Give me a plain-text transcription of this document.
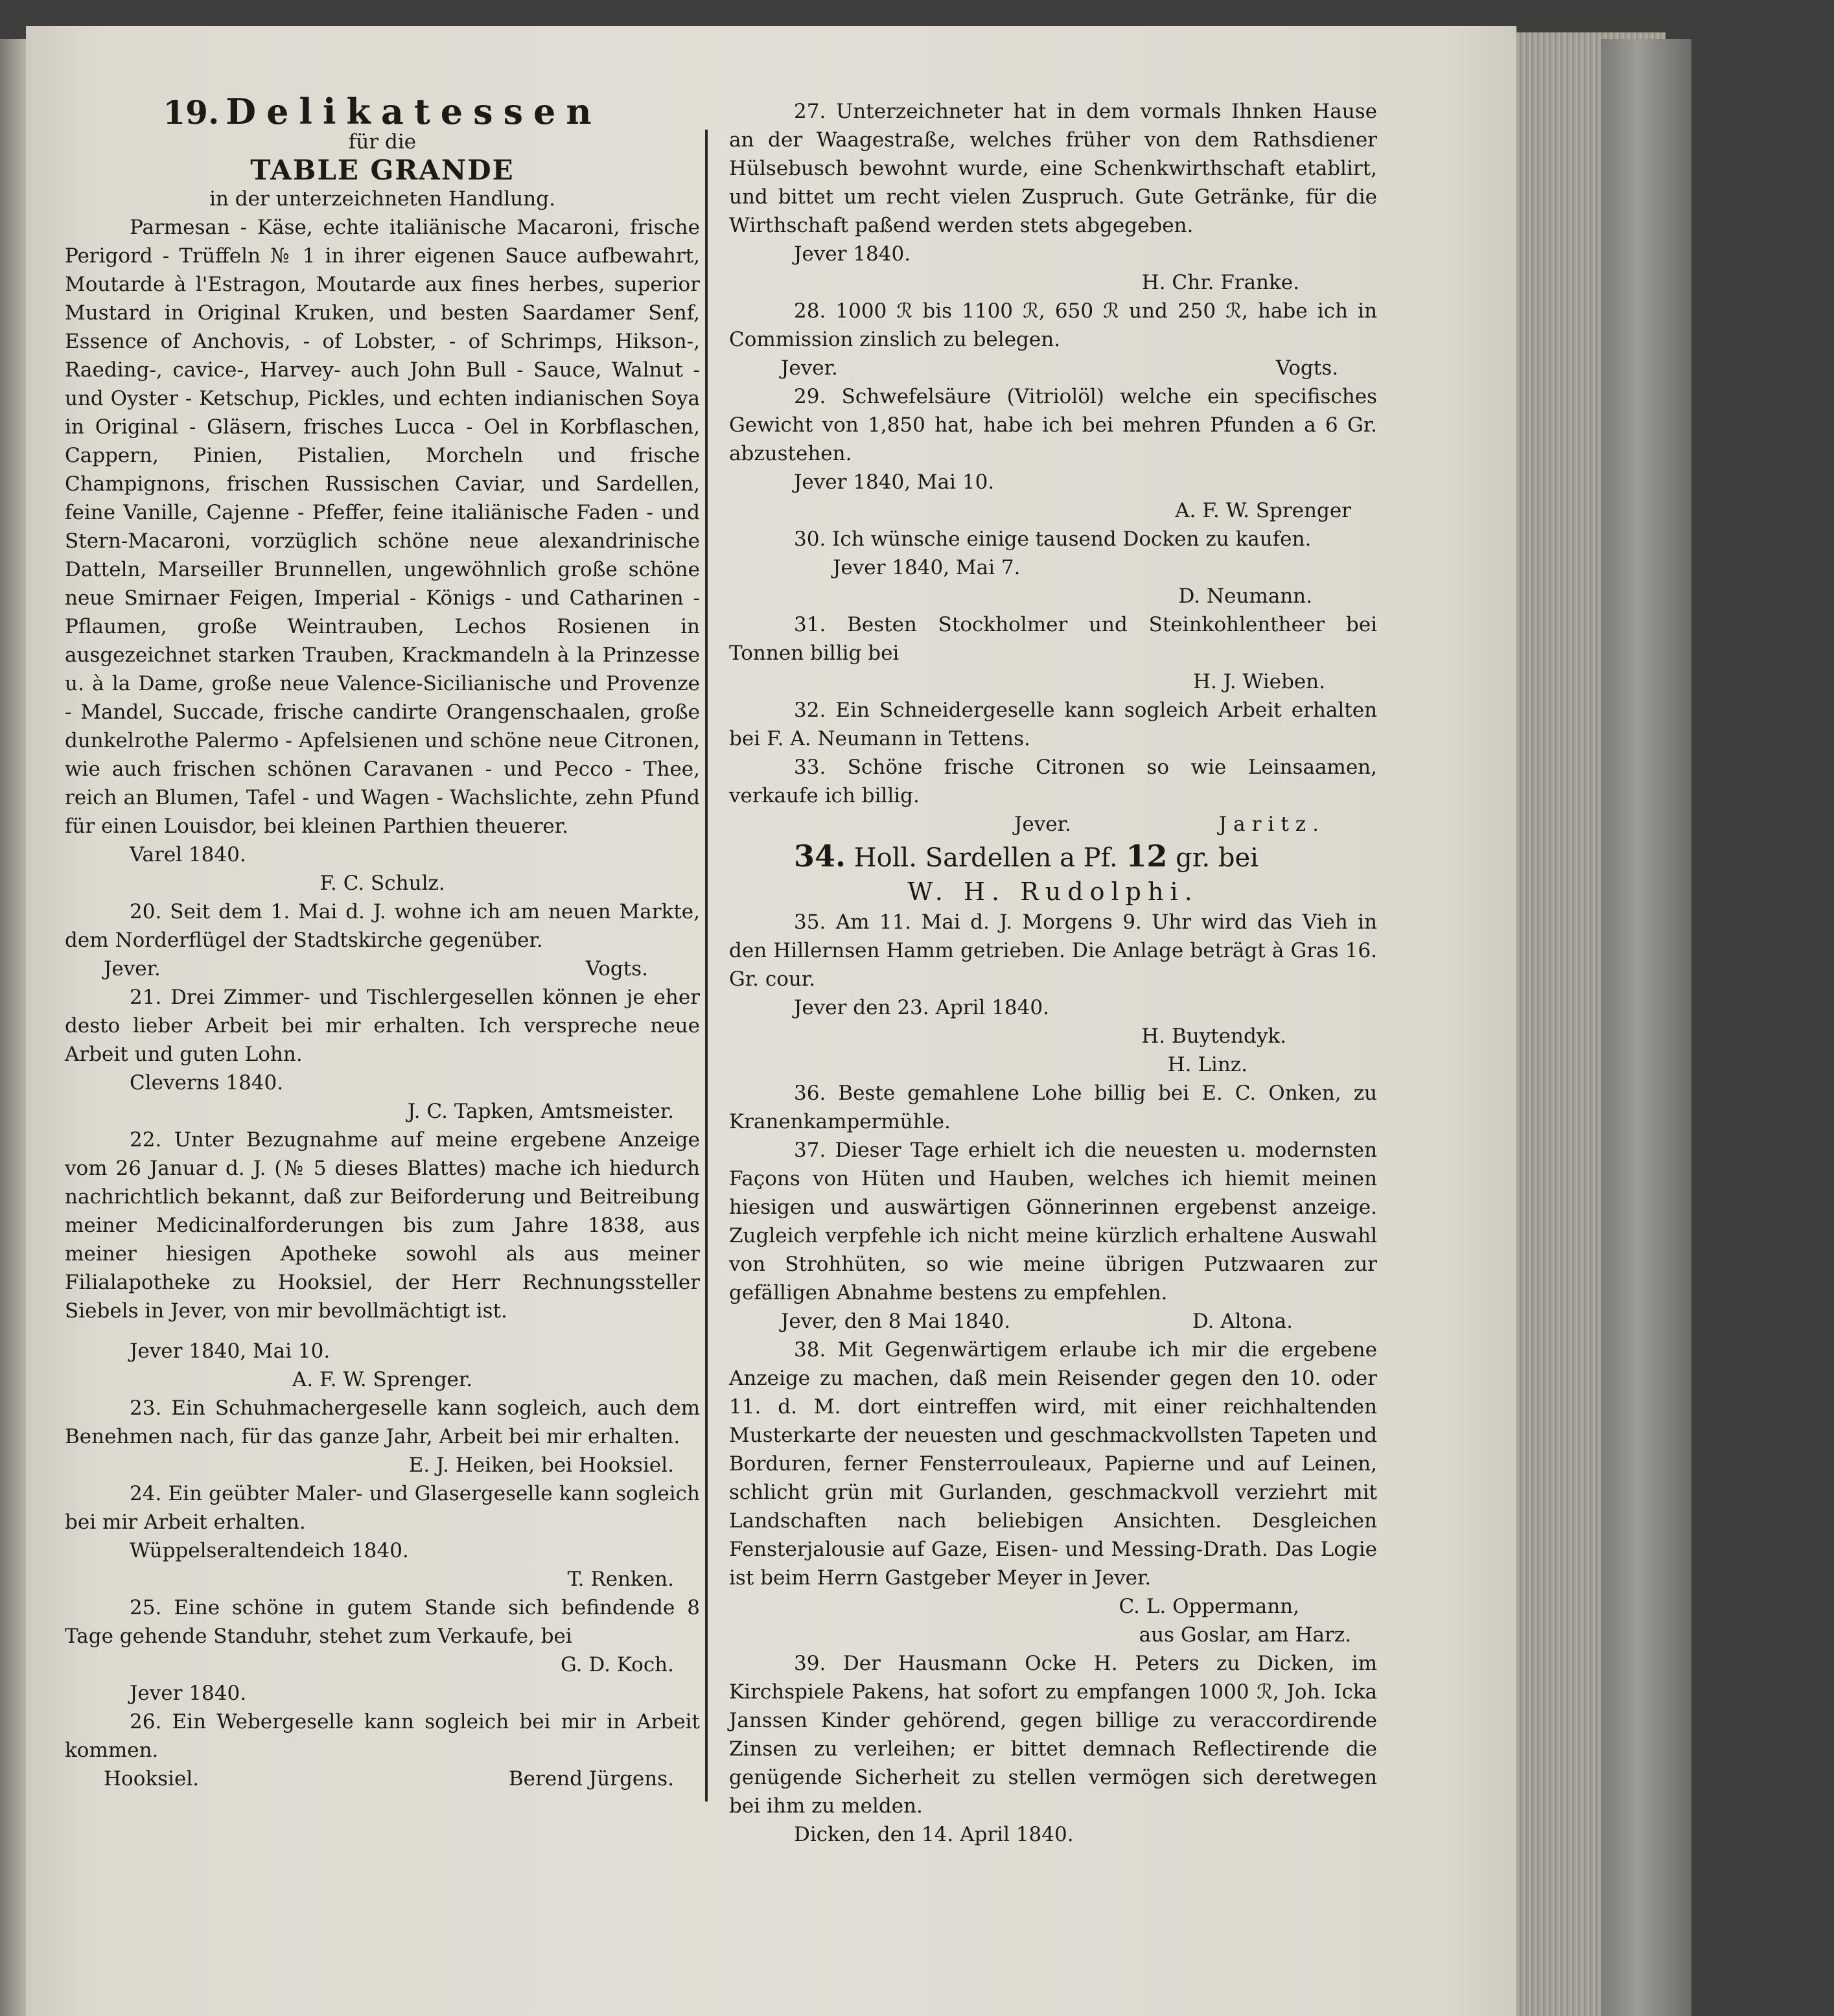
19. Delikatessen

für die

TABLE GRANDE

in der unterzeichneten Handlung.

Parmesan - Käse, echte italiänische Macaroni, frische Perigord - Trüffeln № 1 in ihrer eigenen Sauce aufbewahrt, Moutarde à l'Estragon, Moutarde aux fines herbes, superior Mustard in Original Kruken, und besten Saardamer Senf, Essence of Anchovis, - of Lobster, - of Schrimps, Hikson-, Raeding-, cavice-, Harvey- auch John Bull - Sauce, Walnut - und Oyster - Ketschup, Pickles, und echten indianischen Soya in Original - Gläsern, frisches Lucca - Oel in Korbflaschen, Cappern, Pinien, Pistalien, Morcheln und frische Champignons, frischen Russischen Caviar, und Sardellen, feine Vanille, Cajenne - Pfeffer, feine italiänische Faden - und Stern-Macaroni, vorzüglich schöne neue alexandrinische Datteln, Marseiller Brunnellen, ungewöhnlich große schöne neue Smirnaer Feigen, Imperial - Königs - und Catharinen - Pflaumen, große Weintrauben, Lechos Rosienen in ausgezeichnet starken Trauben, Krackmandeln à la Prinzesse u. à la Dame, große neue Valence-Sicilianische und Provenze - Mandel, Succade, frische candirte Orangenschaalen, große dunkelrothe Palermo - Apfelsienen und schöne neue Citronen, wie auch frischen schönen Caravanen - und Pecco - Thee, reich an Blumen, Tafel - und Wagen - Wachslichte, zehn Pfund für einen Louisdor, bei kleinen Parthien theuerer.

Varel 1840.

F. C. Schulz.

20. Seit dem 1. Mai d. J. wohne ich am neuen Markte, dem Norderflügel der Stadtskirche gegenüber.

Jever.	Vogts.

21. Drei Zimmer- und Tischlergesellen können je eher desto lieber Arbeit bei mir erhalten. Ich verspreche neue Arbeit und guten Lohn.

Cleverns 1840.

J. C. Tapken, Amtsmeister.

22. Unter Bezugnahme auf meine ergebene Anzeige vom 26 Januar d. J. (№ 5 dieses Blattes) mache ich hiedurch nachrichtlich bekannt, daß zur Beiforderung und Beitreibung meiner Medicinalforderungen bis zum Jahre 1838, aus meiner hiesigen Apotheke sowohl als aus meiner Filialapotheke zu Hooksiel, der Herr Rechnungssteller Siebels in Jever, von mir bevollmächtigt ist.

Jever 1840, Mai 10.

A. F. W. Sprenger.

23. Ein Schuhmachergeselle kann sogleich, auch dem Benehmen nach, für das ganze Jahr, Arbeit bei mir erhalten.

E. J. Heiken, bei Hooksiel.

24. Ein geübter Maler- und Glasergeselle kann sogleich bei mir Arbeit erhalten.

Wüppelseraltendeich 1840.

T. Renken.

25. Eine schöne in gutem Stande sich befindende 8 Tage gehende Standuhr, stehet zum Verkaufe, bei

G. D. Koch.

Jever 1840.

26. Ein Webergeselle kann sogleich bei mir in Arbeit kommen.

Hooksiel.	Berend Jürgens.

27. Unterzeichneter hat in dem vormals Ihnken Hause an der Waagestraße, welches früher von dem Rathsdiener Hülsebusch bewohnt wurde, eine Schenkwirthschaft etablirt, und bittet um recht vielen Zuspruch. Gute Getränke, für die Wirthschaft paßend werden stets abgegeben.

Jever 1840.

H. Chr. Franke.

28. 1000 ℛ bis 1100 ℛ, 650 ℛ und 250 ℛ, habe ich in Commission zinslich zu belegen.

Jever.	Vogts.

29. Schwefelsäure (Vitriolöl) welche ein specifisches Gewicht von 1,850 hat, habe ich bei mehren Pfunden a 6 Gr. abzustehen.

Jever 1840, Mai 10.

A. F. W. Sprenger

30. Ich wünsche einige tausend Docken zu kaufen.

Jever 1840, Mai 7.

D. Neumann.

31. Besten Stockholmer und Steinkohlentheer bei Tonnen billig bei

H. J. Wieben.

32. Ein Schneidergeselle kann sogleich Arbeit erhalten bei F. A. Neumann in Tettens.

33. Schöne frische Citronen so wie Leinsaamen, verkaufe ich billig.

Jever.	Jaritz.

34. Holl. Sardellen a Pf. 12 gr. bei

W. H. Rudolphi.

35. Am 11. Mai d. J. Morgens 9. Uhr wird das Vieh in den Hillernsen Hamm getrieben. Die Anlage beträgt à Gras 16. Gr. cour.

Jever den 23. April 1840.

H. Buytendyk.

H. Linz.

36. Beste gemahlene Lohe billig bei E. C. Onken, zu Kranenkampermühle.

37. Dieser Tage erhielt ich die neuesten u. modernsten Façons von Hüten und Hauben, welches ich hiemit meinen hiesigen und auswärtigen Gönnerinnen ergebenst anzeige. Zugleich verpfehle ich nicht meine kürzlich erhaltene Auswahl von Strohhüten, so wie meine übrigen Putzwaaren zur gefälligen Abnahme bestens zu empfehlen.

Jever, den 8 Mai 1840.	D. Altona.

38. Mit Gegenwärtigem erlaube ich mir die ergebene Anzeige zu machen, daß mein Reisender gegen den 10. oder 11. d. M. dort eintreffen wird, mit einer reichhaltenden Musterkarte der neuesten und geschmackvollsten Tapeten und Borduren, ferner Fensterrouleaux, Papierne und auf Leinen, schlicht grün mit Gurlanden, geschmackvoll verziehrt mit Landschaften nach beliebigen Ansichten. Desgleichen Fensterjalousie auf Gaze, Eisen- und Messing-Drath. Das Logie ist beim Herrn Gastgeber Meyer in Jever.

C. L. Oppermann,

aus Goslar, am Harz.

39. Der Hausmann Ocke H. Peters zu Dicken, im Kirchspiele Pakens, hat sofort zu empfangen 1000 ℛ, Joh. Icka Janssen Kinder gehörend, gegen billige zu veraccordirende Zinsen zu verleihen; er bittet demnach Reflectirende die genügende Sicherheit zu stellen vermögen sich deretwegen bei ihm zu melden.

Dicken, den 14. April 1840.
